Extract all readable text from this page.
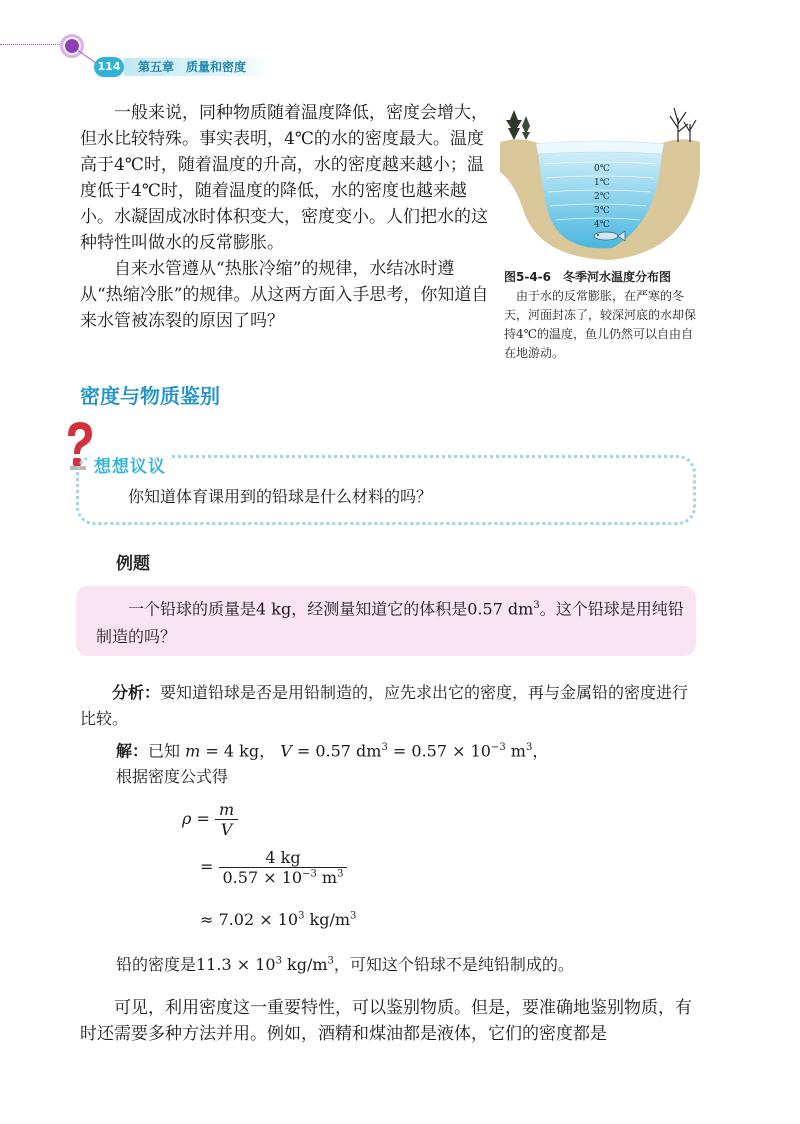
114	第五章　质量和密度

一般来说，同种物质随着温度降低，密度会增大，但水比较特殊。事实表明，4℃的水的密度最大。温度高于4℃时，随着温度的升高，水的密度越来越小；温度低于4℃时，随着温度的降低，水的密度也越来越小。水凝固成冰时体积变大，密度变小。人们把水的这种特性叫做水的反常膨胀。

自来水管遵从“热胀冷缩”的规律，水结冰时遵从“热缩冷胀”的规律。从这两方面入手思考，你知道自来水管被冻裂的原因了吗？

0℃
1℃
2℃
3℃
4℃
图5-4-6　冬季河水温度分布图

由于水的反常膨胀，在严寒的冬天，河面封冻了，较深河底的水却保持4℃的温度，鱼儿仍然可以自由自在地游动。

密度与物质鉴别
想想议议
你知道体育课用到的铅球是什么材料的吗？
例题

一个铅球的质量是4 kg，经测量知道它的体积是0.57 $dm^3$。这个铅球是用纯铅制造的吗？

分析：要知道铅球是否是用铅制造的，应先求出它的密度，再与金属铅的密度进行比较。

解：已知 m = 4 kg， V = 0.57 $dm^3 = 0.57 \times 10^{-3}$ $m^3$，
根据密度公式得
$\rho = \frac{m}{V}$
= $\frac{4 kg}{0.57 \times 10^{-3} m^3}$
≈ $7.02 \times 10^3$ $kg/m^3$
铅的密度是$11.3 \times 10^3$ $kg/m^3$，可知这个铅球不是纯铅制成的。

可见，利用密度这一重要特性，可以鉴别物质。但是，要准确地鉴别物质，有时还需要多种方法并用。例如，酒精和煤油都是液体，它们的密度都是
